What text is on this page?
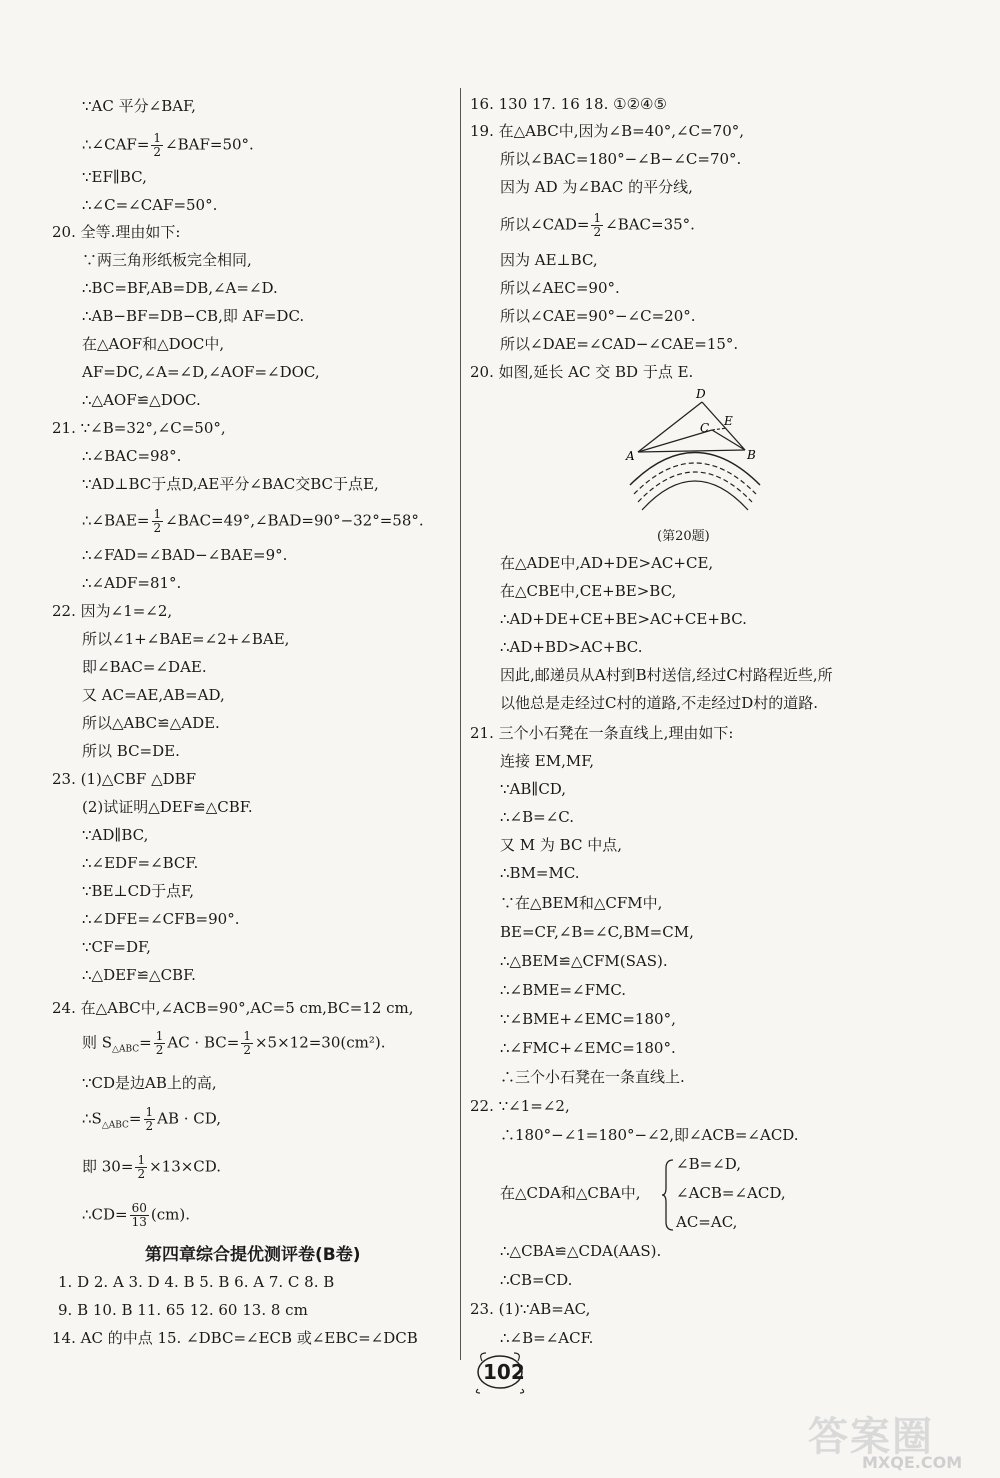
∵AC 平分∠BAF,
∴∠CAF= $\frac{1}{2}$ ∠BAF=50°.
∵EF∥BC,
∴∠C=∠CAF=50°.
20. 全等.理由如下:
∵两三角形纸板完全相同,
∴BC=BF,AB=DB,∠A=∠D.
∴AB−BF=DB−CB,即 AF=DC.
在△AOF和△DOC中,
AF=DC,∠A=∠D,∠AOF=∠DOC,
∴△AOF≌△DOC.
21. ∵∠B=32°,∠C=50°,
∴∠BAC=98°.
∵AD⊥BC于点D,AE平分∠BAC交BC于点E,
∴∠BAE= $\frac{1}{2}$ ∠BAC=49°,∠BAD=90°−32°=58°.
∴∠FAD=∠BAD−∠BAE=9°.
∴∠ADF=81°.
22. 因为∠1=∠2,
所以∠1+∠BAE=∠2+∠BAE,
即∠BAC=∠DAE.
又 AC=AE,AB=AD,
所以△ABC≌△ADE.
所以 BC=DE.
23. (1)△CBF △DBF
(2)试证明△DEF≌△CBF.
∵AD∥BC,
∴∠EDF=∠BCF.
∵BE⊥CD于点F,
∴∠DFE=∠CFB=90°.
∵CF=DF,
∴△DEF≌△CBF.
24. 在△ABC中,∠ACB=90°,AC=5 cm,BC=12 cm,
则 $S_{\triangle ABC}= \frac{1}{2}$ AC · $BC= \frac{1}{2} \times 5\times 12=30(cm^2)$.
∵CD是边AB上的高,
$\therefore S_{\triangle ABC}= \frac{1}{2}$ AB · CD,
即 $30= \frac{1}{2} \times 13\times CD$.
∴CD= $\frac{60}{13} (cm)$.
第四章综合提优测评卷(B卷)
1. D 2. A 3. D 4. B 5. B 6. A 7. C 8. B
9. B 10. B 11. 65 12. 60 13. 8 cm
14. AC 的中点 15. ∠DBC=∠ECB 或∠EBC=∠DCB
16. 130 17. 16 18. ①②④⑤
19. 在△ABC中,因为∠B=40°,∠C=70°,
所以∠BAC=180°−∠B−∠C=70°.
因为 AD 为∠BAC 的平分线,
所以∠CAD= $\frac{1}{2}$ ∠BAC=35°.
因为 AE⊥BC,
所以∠AEC=90°.
所以∠CAE=90°−∠C=20°.
所以∠DAE=∠CAD−∠CAE=15°.
20. 如图,延长 AC 交 BD 于点 E.
D
E
C
A	B
(第20题)
在△ADE中,AD+DE>AC+CE,
在△CBE中,CE+BE>BC,
∴AD+DE+CE+BE>AC+CE+BC.
∴AD+BD>AC+BC.
因此,邮递员从A村到B村送信,经过C村路程近些,所
以他总是走经过C村的道路,不走经过D村的道路.
21. 三个小石凳在一条直线上,理由如下:
连接 EM,MF,
∵AB∥CD,
∴∠B=∠C.
又 M 为 BC 中点,
∴BM=MC.
∵在△BEM和△CFM中,
BE=CF,∠B=∠C,BM=CM,
∴△BEM≌△CFM(SAS).
∴∠BME=∠FMC.
∵∠BME+∠EMC=180°,
∴∠FMC+∠EMC=180°.
∴三个小石凳在一条直线上.
22. ∵∠1=∠2,
∴180°−∠1=180°−∠2,即∠ACB=∠ACD.
∠B=∠D,
在△CDA和△CBA中, ∠ACB=∠ACD,
AC=AC,
∴△CBA≌△CDA(AAS).
∴CB=CD.
23. (1)∵AB=AC,
∴∠B=∠ACF.
102
答案圈
MXQE.COM
